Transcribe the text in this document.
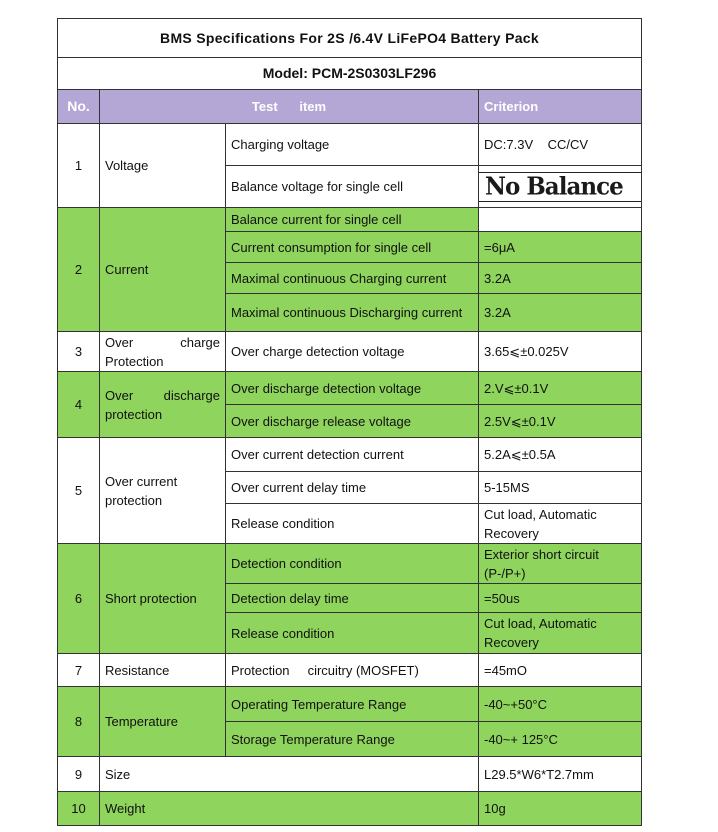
BMS Specifications For 2S /6.4V LiFePO4 Battery Pack			
Model: PCM-2S0303LF296			
No.	Test      item		Criterion
1	Voltage	Charging voltage	DC:7.3V    CC/CV
		Balance voltage for single cell	No Balance

2	Current	Balance current for single cell	
		Current consumption for single cell	=6μA
		Maximal continuous Charging current	3.2A
		Maximal continuous Discharging current	3.2A
3	Over charge Protection	Over charge detection voltage	3.65⩽±0.025V
4	Over discharge protection	Over discharge detection voltage	2.V⩽±0.1V
		Over discharge release voltage	2.5V⩽±0.1V
5	Over current protection	Over current detection current	5.2A⩽±0.5A
		Over current delay time	5-15MS
		Release condition	Cut load, Automatic Recovery
6	Short protection	Detection condition	Exterior short circuit (P-/P+)
		Detection delay time	=50us
		Release condition	Cut load, Automatic Recovery
7	Resistance	Protection     circuitry (MOSFET)	=45mO
8	Temperature	Operating Temperature Range	-40~+50°C
		Storage Temperature Range	-40~+ 125°C
9	Size		L29.5*W6*T2.7mm
10	Weight		10g
